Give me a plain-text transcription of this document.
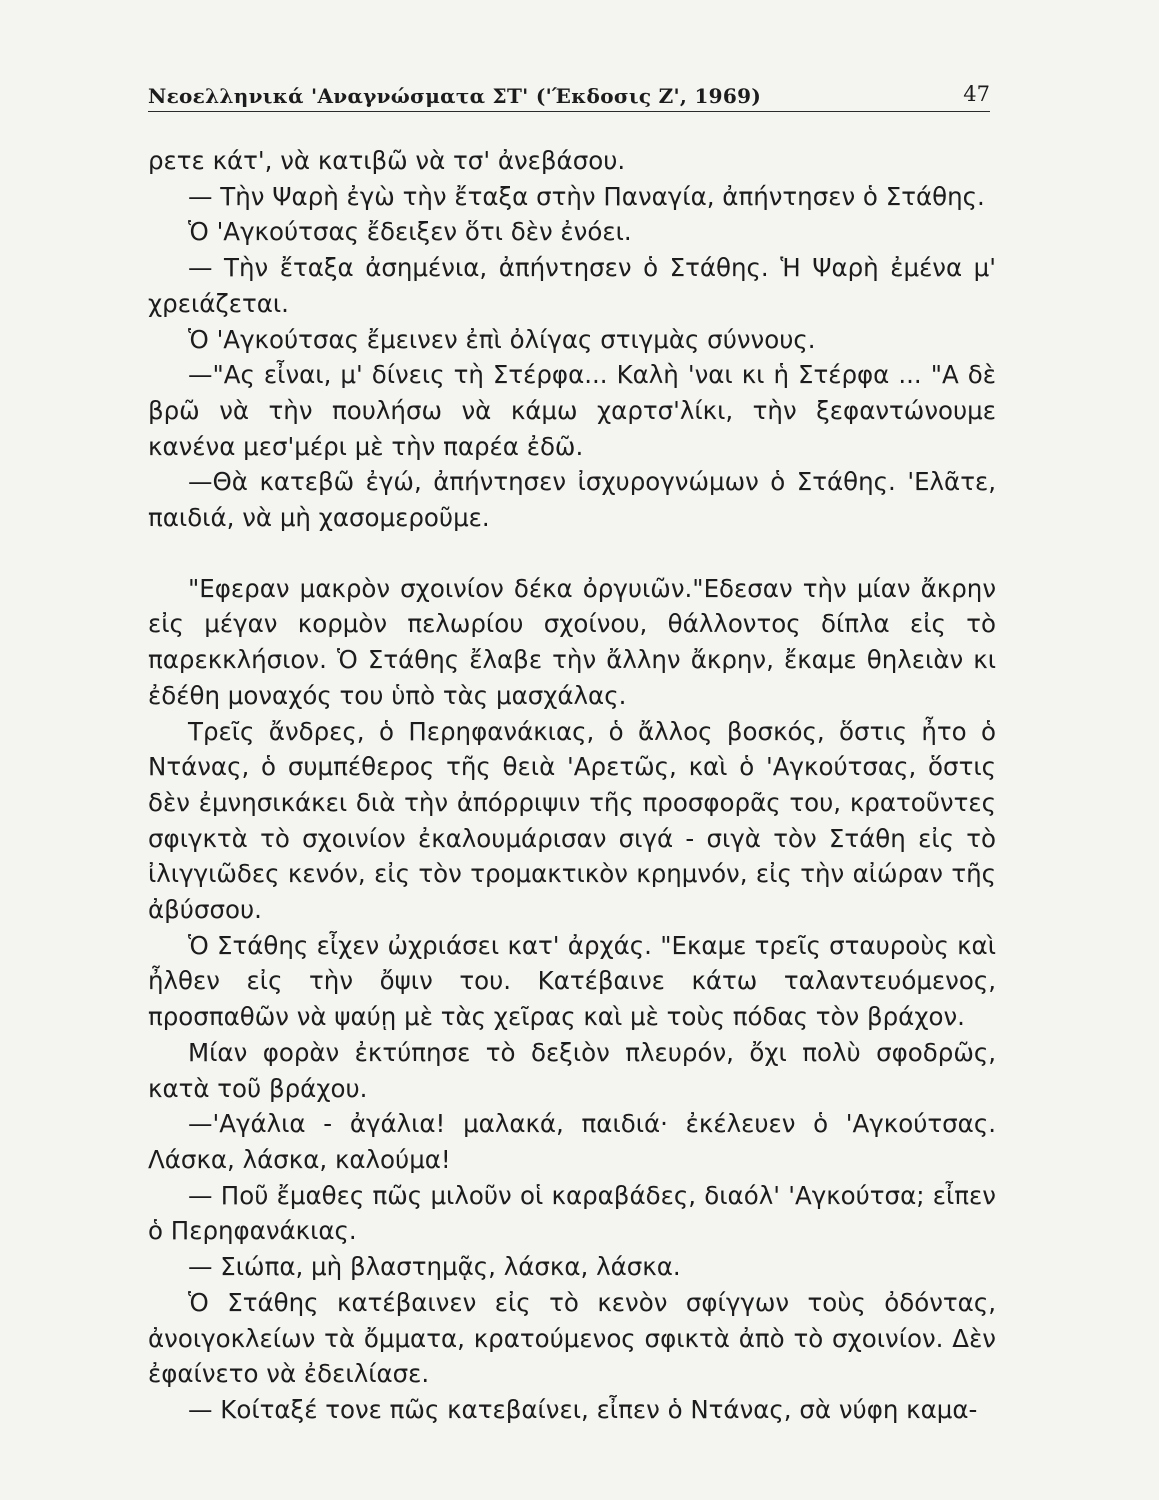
Νεοελληνικά 'Αναγνώσματα ΣΤ' ('Έκδοσις Ζ', 1969)	47

ρετε κάτ', νὰ κατιβῶ νὰ τσ' ἀνεβάσου.

— Τὴν Ψαρὴ ἐγὼ τὴν ἔταξα στὴν Παναγία, ἀπήντησεν ὁ Στάθης.

Ὁ 'Αγκούτσας ἔδειξεν ὅτι δὲν ἐνόει.

— Τὴν ἔταξα ἀσημένια, ἀπήντησεν ὁ Στάθης. Ἡ Ψαρὴ ἐμένα μ' χρειάζεται.

Ὁ 'Αγκούτσας ἔμεινεν ἐπὶ ὀλίγας στιγμὰς σύννους.

—"Ας εἶναι, μ' δίνεις τὴ Στέρφα... Καλὴ 'ναι κι ἡ Στέρφα ... "Α δὲ βρῶ νὰ τὴν πουλήσω νὰ κάμω χαρτσ'λίκι, τὴν ξεφαντώνουμε κανένα μεσ'μέρι μὲ τὴν παρέα ἐδῶ.

—Θὰ κατεβῶ ἐγώ, ἀπήντησεν ἰσχυρογνώμων ὁ Στάθης. 'Ελᾶτε, παιδιά, νὰ μὴ χασομεροῦμε.

"Εφεραν μακρὸν σχοινίον δέκα ὀργυιῶν."Εδεσαν τὴν μίαν ἄκρην εἰς μέγαν κορμὸν πελωρίου σχοίνου, θάλλοντος δίπλα εἰς τὸ παρεκκλήσιον. Ὁ Στάθης ἔλαβε τὴν ἄλλην ἄκρην, ἔκαμε θηλειὰν κι ἐδέθη μοναχός του ὑπὸ τὰς μασχάλας.

Τρεῖς ἄνδρες, ὁ Περηφανάκιας, ὁ ἄλλος βοσκός, ὅστις ἦτο ὁ Ντάνας, ὁ συμπέθερος τῆς θειὰ 'Αρετῶς, καὶ ὁ 'Αγκούτσας, ὅστις δὲν ἐμνησικάκει διὰ τὴν ἀπόρριψιν τῆς προσφορᾶς του, κρατοῦντες σφιγκτὰ τὸ σχοινίον ἐκαλουμάρισαν σιγά - σιγὰ τὸν Στάθη εἰς τὸ ἰλιγγιῶδες κενόν, εἰς τὸν τρομακτικὸν κρημνόν, εἰς τὴν αἰώραν τῆς ἀβύσσου.

Ὁ Στάθης εἶχεν ὠχριάσει κατ' ἀρχάς. "Εκαμε τρεῖς σταυροὺς καὶ ἦλθεν εἰς τὴν ὄψιν του. Κατέβαινε κάτω ταλαντευόμενος, προσπαθῶν νὰ ψαύῃ μὲ τὰς χεῖρας καὶ μὲ τοὺς πόδας τὸν βράχον.

Μίαν φορὰν ἐκτύπησε τὸ δεξιὸν πλευρόν, ὄχι πολὺ σφοδρῶς, κατὰ τοῦ βράχου.

—'Αγάλια - ἀγάλια! μαλακά, παιδιά· ἐκέλευεν ὁ 'Αγκούτσας. Λάσκα, λάσκα, καλούμα!

— Ποῦ ἔμαθες πῶς μιλοῦν οἱ καραβάδες, διαόλ' 'Αγκούτσα; εἶπεν ὁ Περηφανάκιας.

— Σιώπα, μὴ βλαστημᾷς, λάσκα, λάσκα.

Ὁ Στάθης κατέβαινεν εἰς τὸ κενὸν σφίγγων τοὺς ὀδόντας, ἀνοιγοκλείων τὰ ὄμματα, κρατούμενος σφικτὰ ἀπὸ τὸ σχοινίον. Δὲν ἐφαίνετο νὰ ἐδειλίασε.

— Κοίταξέ τονε πῶς κατεβαίνει, εἶπεν ὁ Ντάνας, σὰ νύφη καμα-
